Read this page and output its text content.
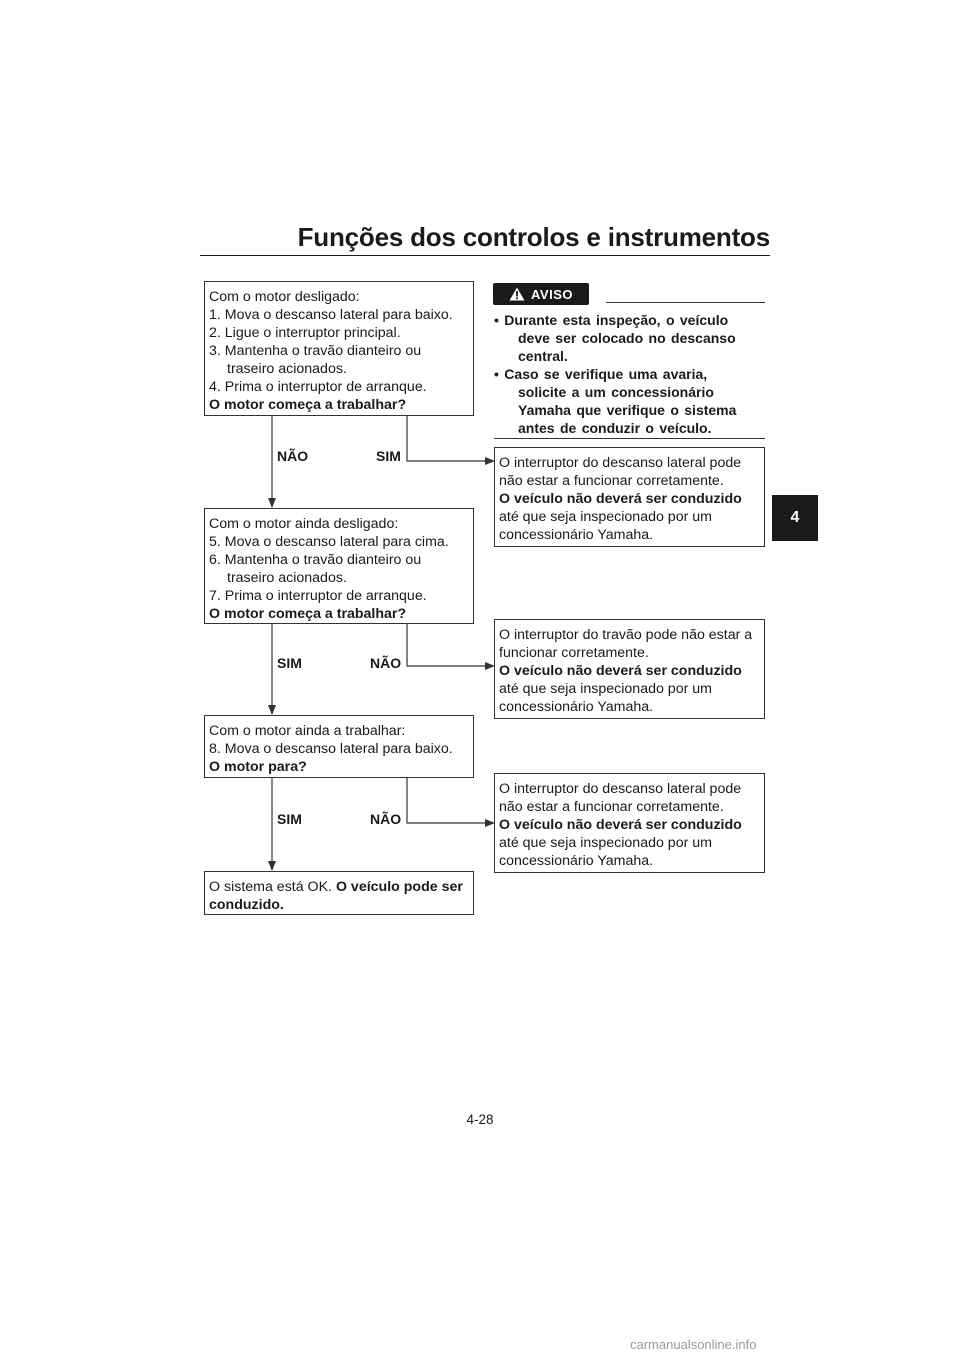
Funções dos controlos e instrumentos
4
AVISO
• Durante esta inspeção, o veículo
deve ser colocado no descanso
central.
• Caso se verifique uma avaria,
solicite a um concessionário
Yamaha que verifique o sistema
antes de conduzir o veículo.
Com o motor desligado:
1. Mova o descanso lateral para baixo.
2. Ligue o interruptor principal.
3. Mantenha o travão dianteiro ou
traseiro acionados.
4. Prima o interruptor de arranque.
O motor começa a trabalhar?
NÃO	SIM
Com o motor ainda desligado:
5. Mova o descanso lateral para cima.
6. Mantenha o travão dianteiro ou
traseiro acionados.
7. Prima o interruptor de arranque.
O motor começa a trabalhar?
SIM	NÃO
Com o motor ainda a trabalhar:
8. Mova o descanso lateral para baixo.
O motor para?
SIM	NÃO
O sistema está OK. O veículo pode ser
conduzido.
O interruptor do descanso lateral pode
não estar a funcionar corretamente.
O veículo não deverá ser conduzido
até que seja inspecionado por um
concessionário Yamaha.
O interruptor do travão pode não estar a
funcionar corretamente.
O veículo não deverá ser conduzido
até que seja inspecionado por um
concessionário Yamaha.
O interruptor do descanso lateral pode
não estar a funcionar corretamente.
O veículo não deverá ser conduzido
até que seja inspecionado por um
concessionário Yamaha.
4-28
carmanualsonline.info
